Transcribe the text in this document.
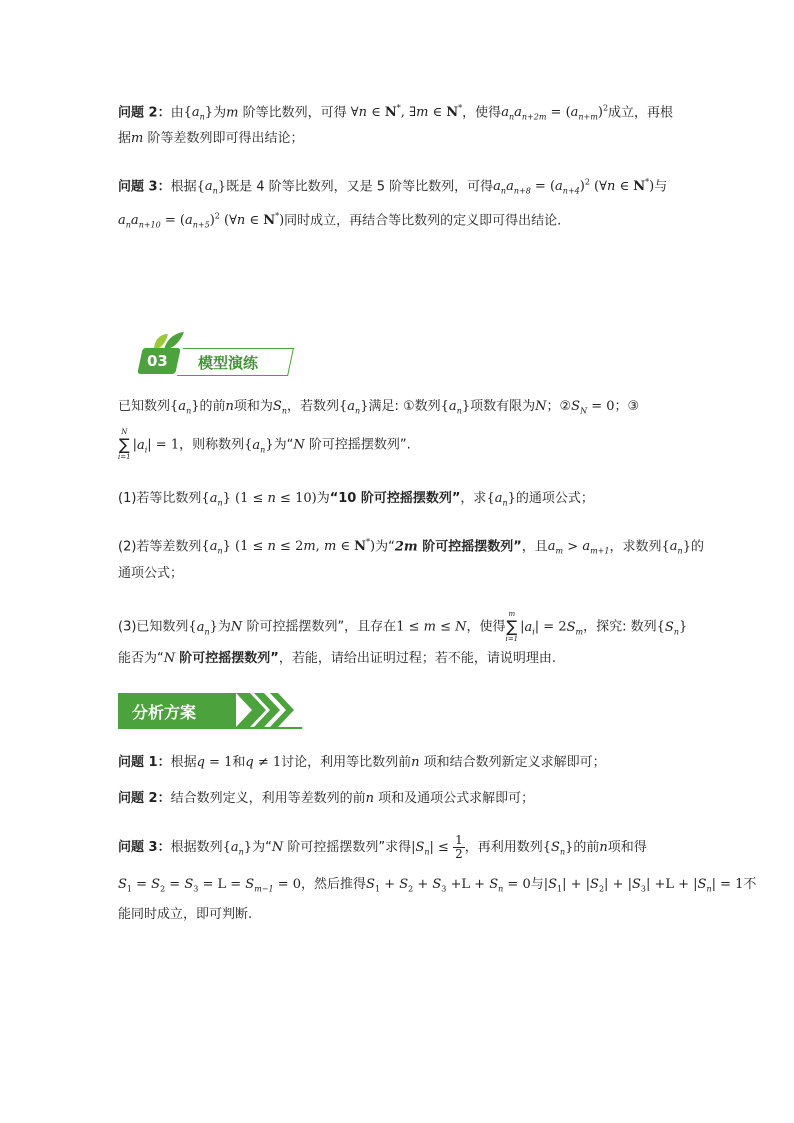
问题 2：由$\{a_n\}$为m 阶等比数列，可得 ∀n ∈ N*, ∃m ∈ N*，使得$a_na_{n+2m} = (a_{n+m})^2$成立，再根
据m 阶等差数列即可得出结论；
问题 3：根据$\{a_n\}$既是 4 阶等比数列，又是 5 阶等比数列，可得$a_na_{n+8} = (a_{n+4})^2$ (∀n ∈ N*)与
$a_na_{n+10} = (a_{n+5})^2$ (∀n ∈ N*)同时成立，再结合等比数列的定义即可得出结论.
03 模型演练
已知数列$\{a_n\}$的前n项和为$S_n$，若数列$\{a_n\}$满足: ①数列$\{a_n\}$项数有限为N；$②S_N = 0$；③
N
∑
i=1
$|a_i| = 1$，则称数列$\{a_n\}$为“N 阶可控摇摆数列”.
(1)若等比数列$\{a_n\} (1 \le n \le 10)$为“10 阶可控摇摆数列”，求$\{a_n\}$的通项公式；
(2)若等差数列$\{a_n\} (1 \le n \le 2m$, m ∈ N*)为“2m 阶可控摇摆数列”，且$a_m > a_{m+1}$，求数列$\{a_n\}$的
通项公式；
(3)已知数列$\{a_n\}$为N 阶可控摇摆数列”，且存在1 ≤ m ≤ N，使得
m
∑
i=1
$|a_i| = 2S_m$，探究: 数列$\{S_n\}$
能否为“N 阶可控摇摆数列”，若能，请给出证明过程；若不能，请说明理由.
分析方案
问题 1：根据q = 1和q ≠ 1讨论，利用等比数列前n 项和结合数列新定义求解即可；
问题 2：结合数列定义，利用等差数列的前n 项和及通项公式求解即可；
问题 3：根据数列$\{a_n\}$为“N 阶可控摇摆数列”求得$|S_n| \le \frac{1}{2}$ ，再利用数列$\{S_n\}$的前n项和得
$S_1 = S_2 = S_3 = L = S_{m-1} = 0$，然后推得$S_1 + S_2 + S_3 +L + S_n = 0$与$|S_1| + |S_2| + |S_3| +L + |S_n| = 1$不
能同时成立，即可判断.
